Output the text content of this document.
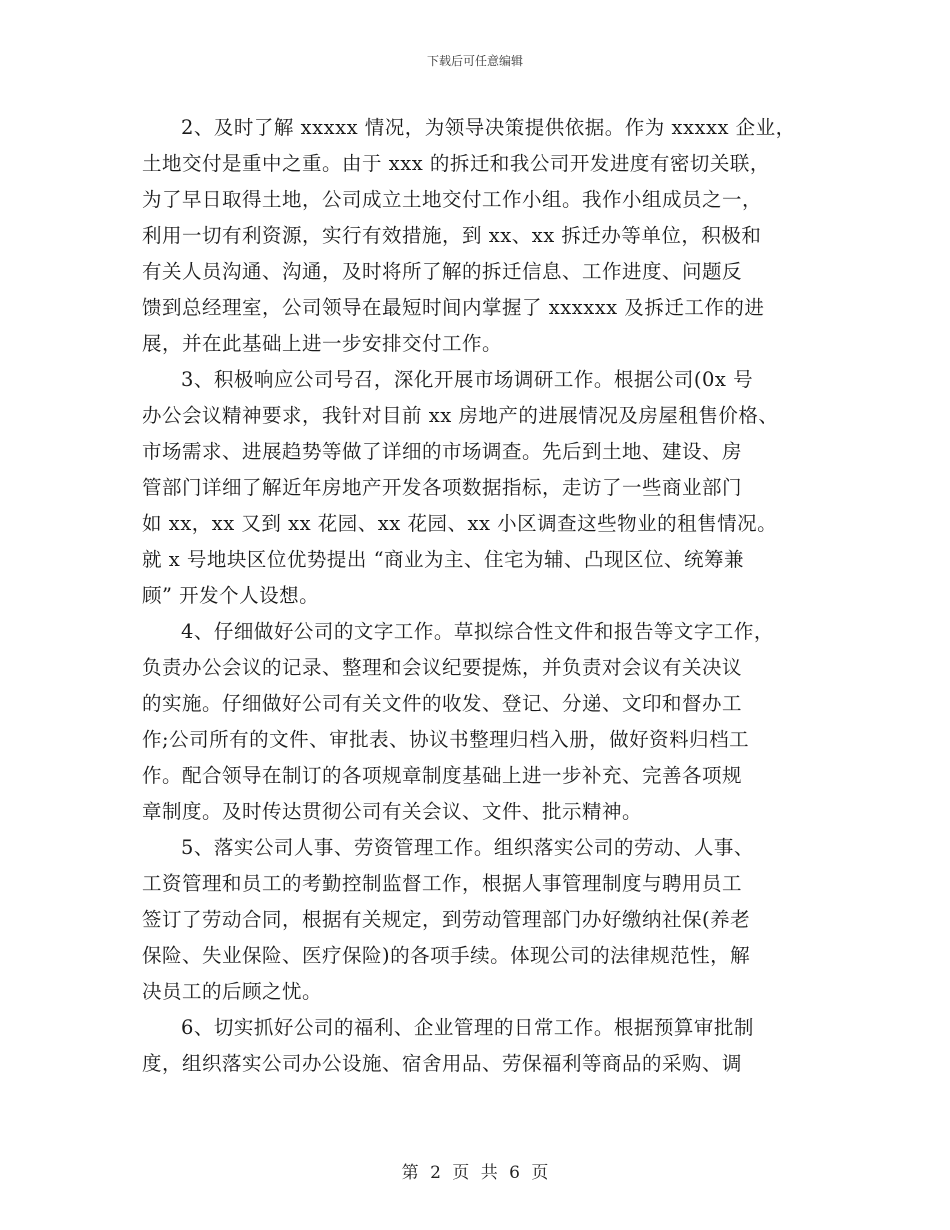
下载后可任意编辑
2、及时了解 xxxxx 情况，为领导决策提供依据。作为 xxxxx 企业，
土地交付是重中之重。由于 xxx 的拆迁和我公司开发进度有密切关联，
为了早日取得土地，公司成立土地交付工作小组。我作小组成员之一，
利用一切有利资源，实行有效措施，到 xx、xx 拆迁办等单位，积极和
有关人员沟通、沟通，及时将所了解的拆迁信息、工作进度、问题反
馈到总经理室，公司领导在最短时间内掌握了 xxxxxx 及拆迁工作的进
展，并在此基础上进一步安排交付工作。
3、积极响应公司号召，深化开展市场调研工作。根据公司(0x 号
办公会议精神要求，我针对目前 xx 房地产的进展情况及房屋租售价格、
市场需求、进展趋势等做了详细的市场调查。先后到土地、建设、房
管部门详细了解近年房地产开发各项数据指标，走访了一些商业部门
如 xx，xx 又到 xx 花园、xx 花园、xx 小区调查这些物业的租售情况。
就 x 号地块区位优势提出 “商业为主、住宅为辅、凸现区位、统筹兼
顾” 开发个人设想。
4、仔细做好公司的文字工作。草拟综合性文件和报告等文字工作，
负责办公会议的记录、整理和会议纪要提炼，并负责对会议有关决议
的实施。仔细做好公司有关文件的收发、登记、分递、文印和督办工
作;公司所有的文件、审批表、协议书整理归档入册，做好资料归档工
作。配合领导在制订的各项规章制度基础上进一步补充、完善各项规
章制度。及时传达贯彻公司有关会议、文件、批示精神。
5、落实公司人事、劳资管理工作。组织落实公司的劳动、人事、
工资管理和员工的考勤控制监督工作，根据人事管理制度与聘用员工
签订了劳动合同，根据有关规定，到劳动管理部门办好缴纳社保(养老
保险、失业保险、医疗保险)的各项手续。体现公司的法律规范性，解
决员工的后顾之忧。
6、切实抓好公司的福利、企业管理的日常工作。根据预算审批制
度，组织落实公司办公设施、宿舍用品、劳保福利等商品的采购、调
第 2 页 共 6 页
